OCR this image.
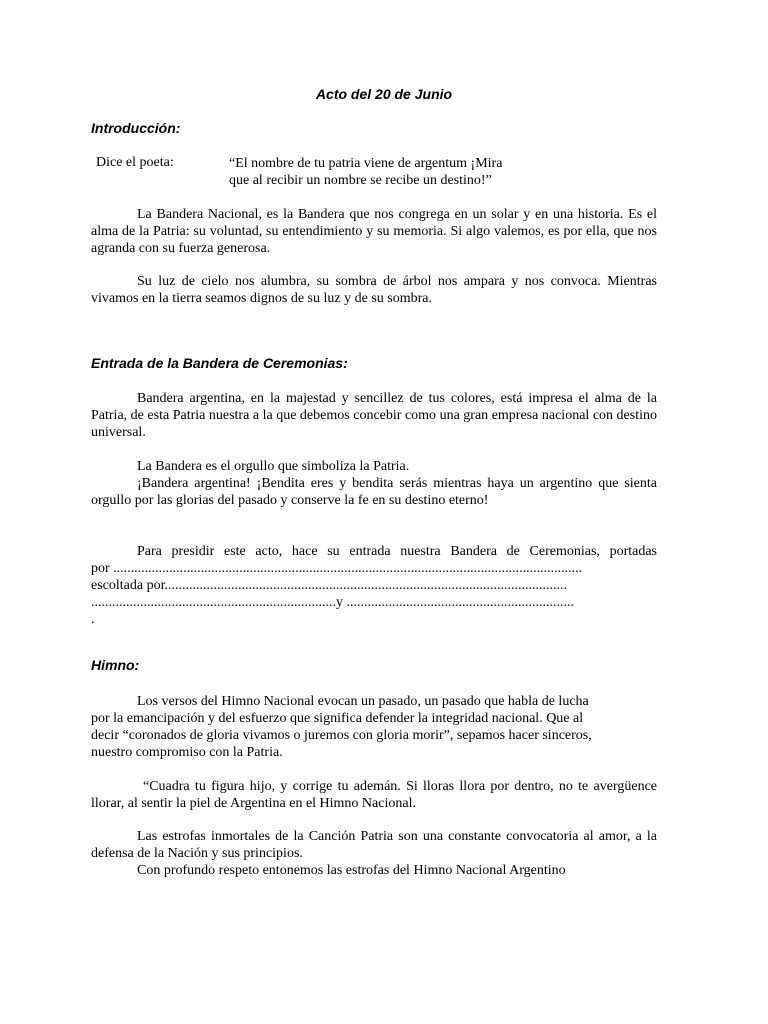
Acto del 20 de Junio
Introducción:
Dice el poeta:	“El nombre de tu patria viene de argentum ¡Mira
que al recibir un nombre se recibe un destino!”
La Bandera Nacional, es la Bandera que nos congrega en un solar y en una historia. Es el alma de la Patria: su voluntad, su entendimiento y su memoria. Si algo valemos, es por ella, que nos agranda con su fuerza generosa.
Su luz de cielo nos alumbra, su sombra de árbol nos ampara y nos convoca. Mientras vivamos en la tierra seamos dignos de su luz y de su sombra.
Entrada de la Bandera de Ceremonias:
Bandera argentina, en la majestad y sencillez de tus colores, está impresa el alma de la Patria, de esta Patria nuestra a la que debemos concebir como una gran empresa nacional con destino universal.
La Bandera es el orgullo que simboliza la Patria.
¡Bandera argentina! ¡Bendita eres y bendita serás mientras haya un argentino que sienta orgullo por las glorias del pasado y conserve la fe en su destino eterno!
Para presidir este acto, hace su entrada nuestra Bandera de Ceremonias, portadas
por ......................................................................................................................................
escoltada por...................................................................................................................
......................................................................y .................................................................
.
Himno:
Los versos del Himno Nacional evocan un pasado, un pasado que habla de lucha
por la emancipación y del esfuerzo que significa defender la integridad nacional. Que al
decir “coronados de gloria vivamos o juremos con gloria morir”, sepamos hacer sinceros,
nuestro compromiso con la Patria.
“Cuadra tu figura hijo, y corrige tu ademán. Si lloras llora por dentro, no te avergüence llorar, al sentir la piel de Argentina en el Himno Nacional.
Las estrofas inmortales de la Canción Patria son una constante convocatoria al amor, a la defensa de la Nación y sus principios.
Con profundo respeto entonemos las estrofas del Himno Nacional Argentino
